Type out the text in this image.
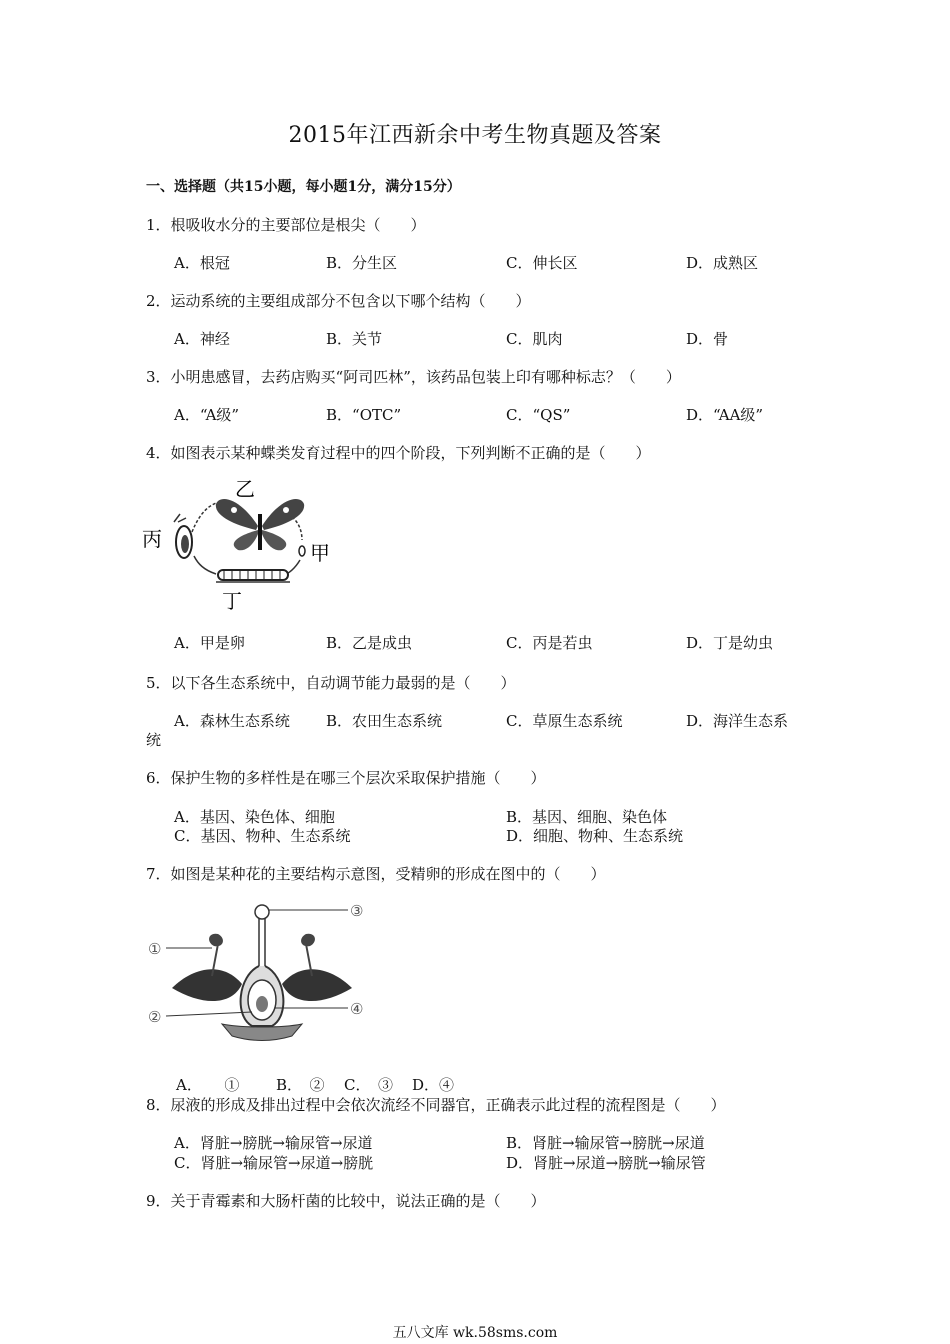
2015年江西新余中考生物真题及答案
一、选择题（共15小题，每小题1分，满分15分）
1．根吸收水分的主要部位是根尖（　　）
A．根冠	B．分生区	C．伸长区	D．成熟区
2．运动系统的主要组成部分不包含以下哪个结构（　　）
A．神经	B．关节	C．肌肉	D．骨
3．小明患感冒，去药店购买“阿司匹林”，该药品包装上印有哪种标志？（　　）
A．“A级”	B．“OTC”	C．“QS”	D．“AA级”
4．如图表示某种蝶类发育过程中的四个阶段，下列判断不正确的是（　　）
乙
丙
甲
丁
A．甲是卵	B．乙是成虫	C．丙是若虫	D．丁是幼虫
5．以下各生态系统中，自动调节能力最弱的是（　　）
A．森林生态系统 B．农田生态系统	C．草原生态系统	D．海洋生态系
统
6．保护生物的多样性是在哪三个层次采取保护措施（　　）
A．基因、染色体、细胞	B．基因、细胞、染色体
C．基因、物种、生态系统	D．细胞、物种、生态系统
7．如图是某种花的主要结构示意图，受精卵的形成在图中的（　　）
③
①
②	④
A．　　① B．　② C．　③ D．④
8．尿液的形成及排出过程中会依次流经不同器官，正确表示此过程的流程图是（　　）
A．肾脏→膀胱→输尿管→尿道	B．肾脏→输尿管→膀胱→尿道
C．肾脏→输尿管→尿道→膀胱	D．肾脏→尿道→膀胱→输尿管
9．关于青霉素和大肠杆菌的比较中，说法正确的是（　　）
五八文库 wk.58sms.com
